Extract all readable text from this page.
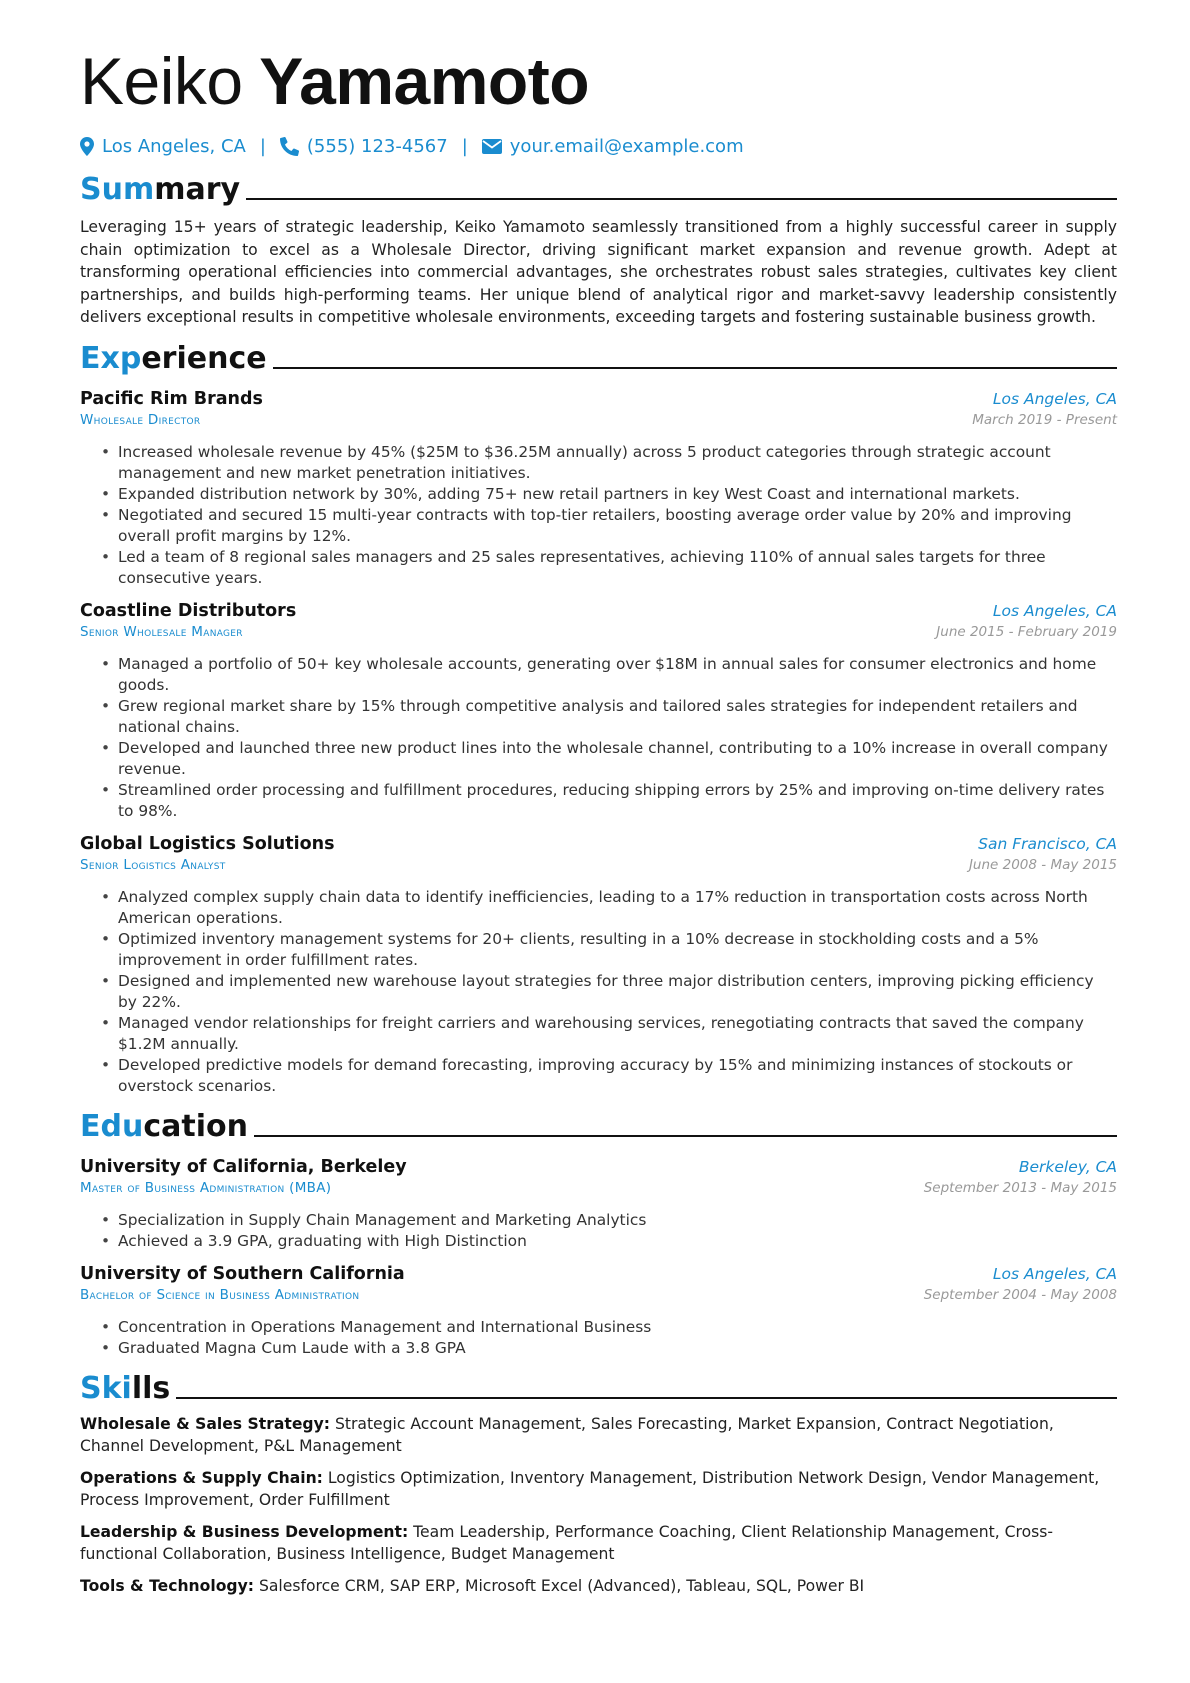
Keiko Yamamoto
Los Angeles, CA | (555) 123-4567 | your.email@example.com
Summary
Leveraging 15+ years of strategic leadership, Keiko Yamamoto seamlessly transitioned from a highly successful career in supply chain optimization to excel as a Wholesale Director, driving significant market expansion and revenue growth. Adept at transforming operational efficiencies into commercial advantages, she orchestrates robust sales strategies, cultivates key client partnerships, and builds high-performing teams. Her unique blend of analytical rigor and market-savvy leadership consistently delivers exceptional results in competitive wholesale environments, exceeding targets and fostering sustainable business growth.
Experience
Pacific Rim Brands	Los Angeles, CA
Wholesale Director	March 2019 - Present
• Increased wholesale revenue by 45% ($25M to $36.25M annually) across 5 product categories through strategic account management and new market penetration initiatives.
• Expanded distribution network by 30%, adding 75+ new retail partners in key West Coast and international markets.
• Negotiated and secured 15 multi-year contracts with top-tier retailers, boosting average order value by 20% and improving overall profit margins by 12%.
• Led a team of 8 regional sales managers and 25 sales representatives, achieving 110% of annual sales targets for three consecutive years.
Coastline Distributors	Los Angeles, CA
Senior Wholesale Manager	June 2015 - February 2019
• Managed a portfolio of 50+ key wholesale accounts, generating over $18M in annual sales for consumer electronics and home goods.
• Grew regional market share by 15% through competitive analysis and tailored sales strategies for independent retailers and national chains.
• Developed and launched three new product lines into the wholesale channel, contributing to a 10% increase in overall company revenue.
• Streamlined order processing and fulfillment procedures, reducing shipping errors by 25% and improving on-time delivery rates to 98%.
Global Logistics Solutions	San Francisco, CA
Senior Logistics Analyst	June 2008 - May 2015
• Analyzed complex supply chain data to identify inefficiencies, leading to a 17% reduction in transportation costs across North American operations.
• Optimized inventory management systems for 20+ clients, resulting in a 10% decrease in stockholding costs and a 5% improvement in order fulfillment rates.
• Designed and implemented new warehouse layout strategies for three major distribution centers, improving picking efficiency by 22%.
• Managed vendor relationships for freight carriers and warehousing services, renegotiating contracts that saved the company $1.2M annually.
• Developed predictive models for demand forecasting, improving accuracy by 15% and minimizing instances of stockouts or overstock scenarios.
Education
University of California, Berkeley	Berkeley, CA
Master of Business Administration (MBA)	September 2013 - May 2015
• Specialization in Supply Chain Management and Marketing Analytics
• Achieved a 3.9 GPA, graduating with High Distinction
University of Southern California	Los Angeles, CA
Bachelor of Science in Business Administration	September 2004 - May 2008
• Concentration in Operations Management and International Business
• Graduated Magna Cum Laude with a 3.8 GPA
Skills
Wholesale & Sales Strategy: Strategic Account Management, Sales Forecasting, Market Expansion, Contract Negotiation, Channel Development, P&L Management
Operations & Supply Chain: Logistics Optimization, Inventory Management, Distribution Network Design, Vendor Management, Process Improvement, Order Fulfillment
Leadership & Business Development: Team Leadership, Performance Coaching, Client Relationship Management, Cross-functional Collaboration, Business Intelligence, Budget Management
Tools & Technology: Salesforce CRM, SAP ERP, Microsoft Excel (Advanced), Tableau, SQL, Power BI
